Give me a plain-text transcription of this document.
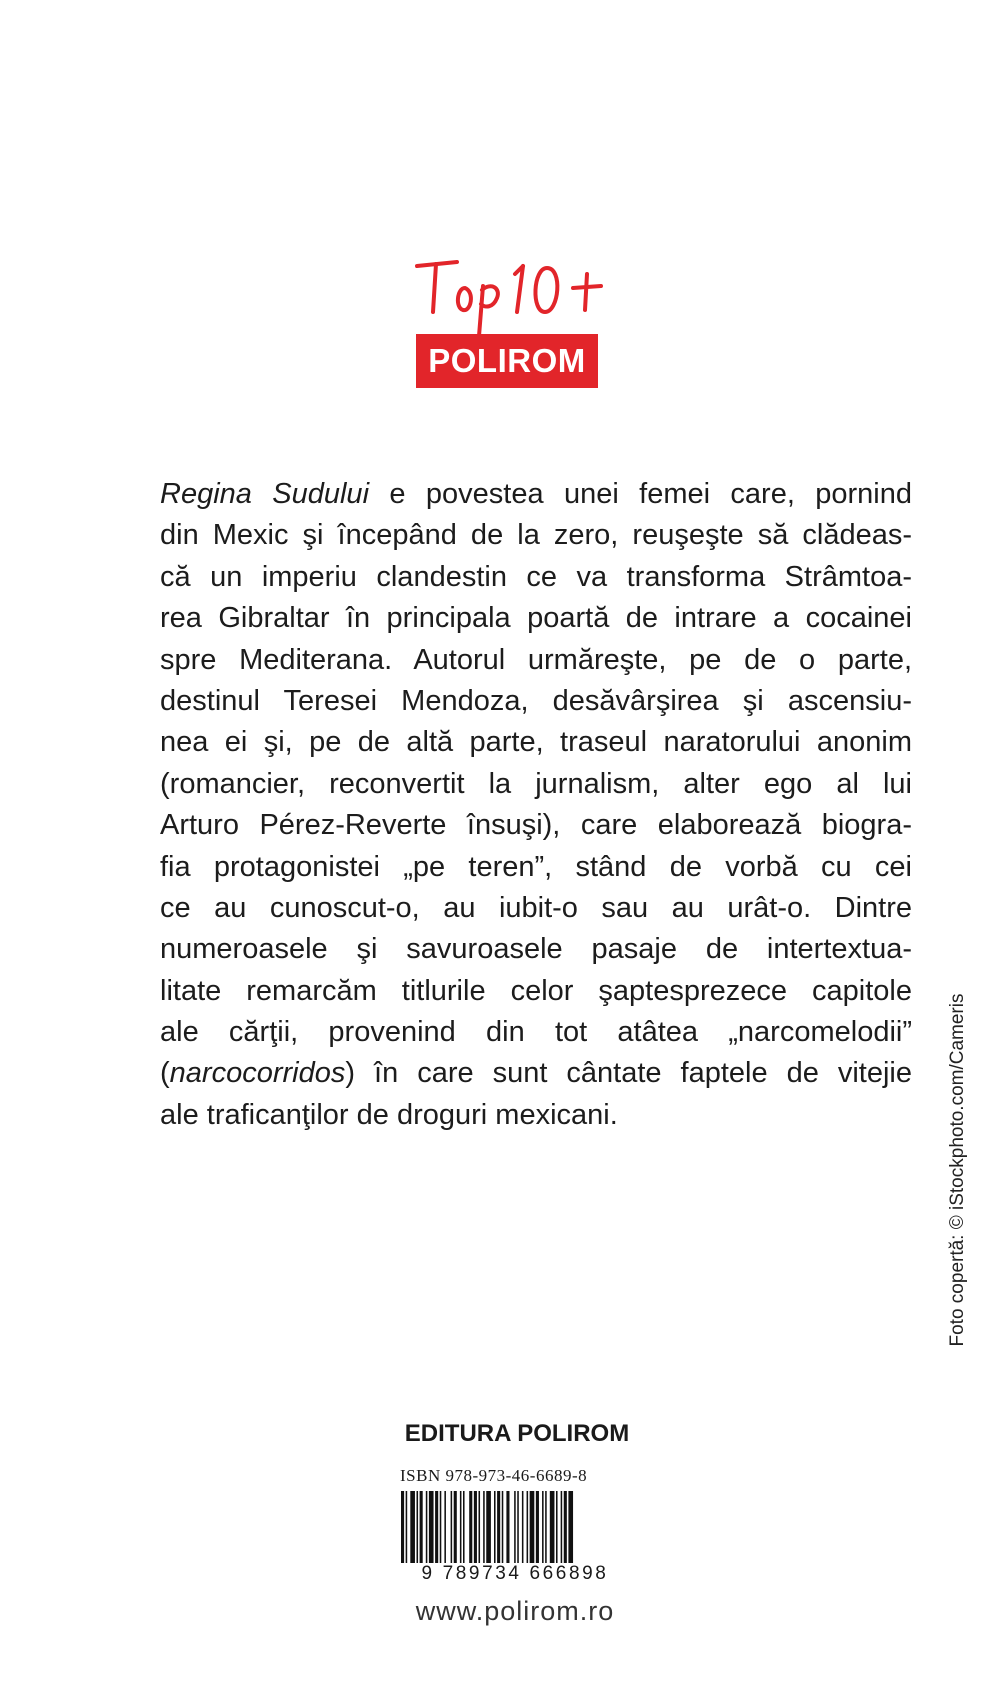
POLIROM
Regina Sudului e povestea unei femei care, pornind
din Mexic şi începând de la zero, reuşeşte să clădeas-
că un imperiu clandestin ce va transforma Strâmtoa-
rea Gibraltar în principala poartă de intrare a cocainei
spre Mediterana. Autorul urmăreşte, pe de o parte,
destinul Teresei Mendoza, desăvârşirea şi ascensiu-
nea ei şi, pe de altă parte, traseul naratorului anonim
(romancier, reconvertit la jurnalism, alter ego al lui
Arturo Pérez-Reverte însuşi), care elaborează biogra-
fia protagonistei „pe teren”, stând de vorbă cu cei
ce au cunoscut-o, au iubit-o sau au urât-o. Dintre
numeroasele şi savuroasele pasaje de intertextua-
litate remarcăm titlurile celor şaptesprezece capitole
ale cărţii, provenind din tot atâtea „narcomelodii”
(narcocorridos) în care sunt cântate faptele de vitejie
ale traficanţilor de droguri mexicani.	Foto copertă: © iStockphoto.com/Cameris
EDITURA POLIROM
ISBN 978-973-46-6689-8
9 789734 666898
www.polirom.ro
